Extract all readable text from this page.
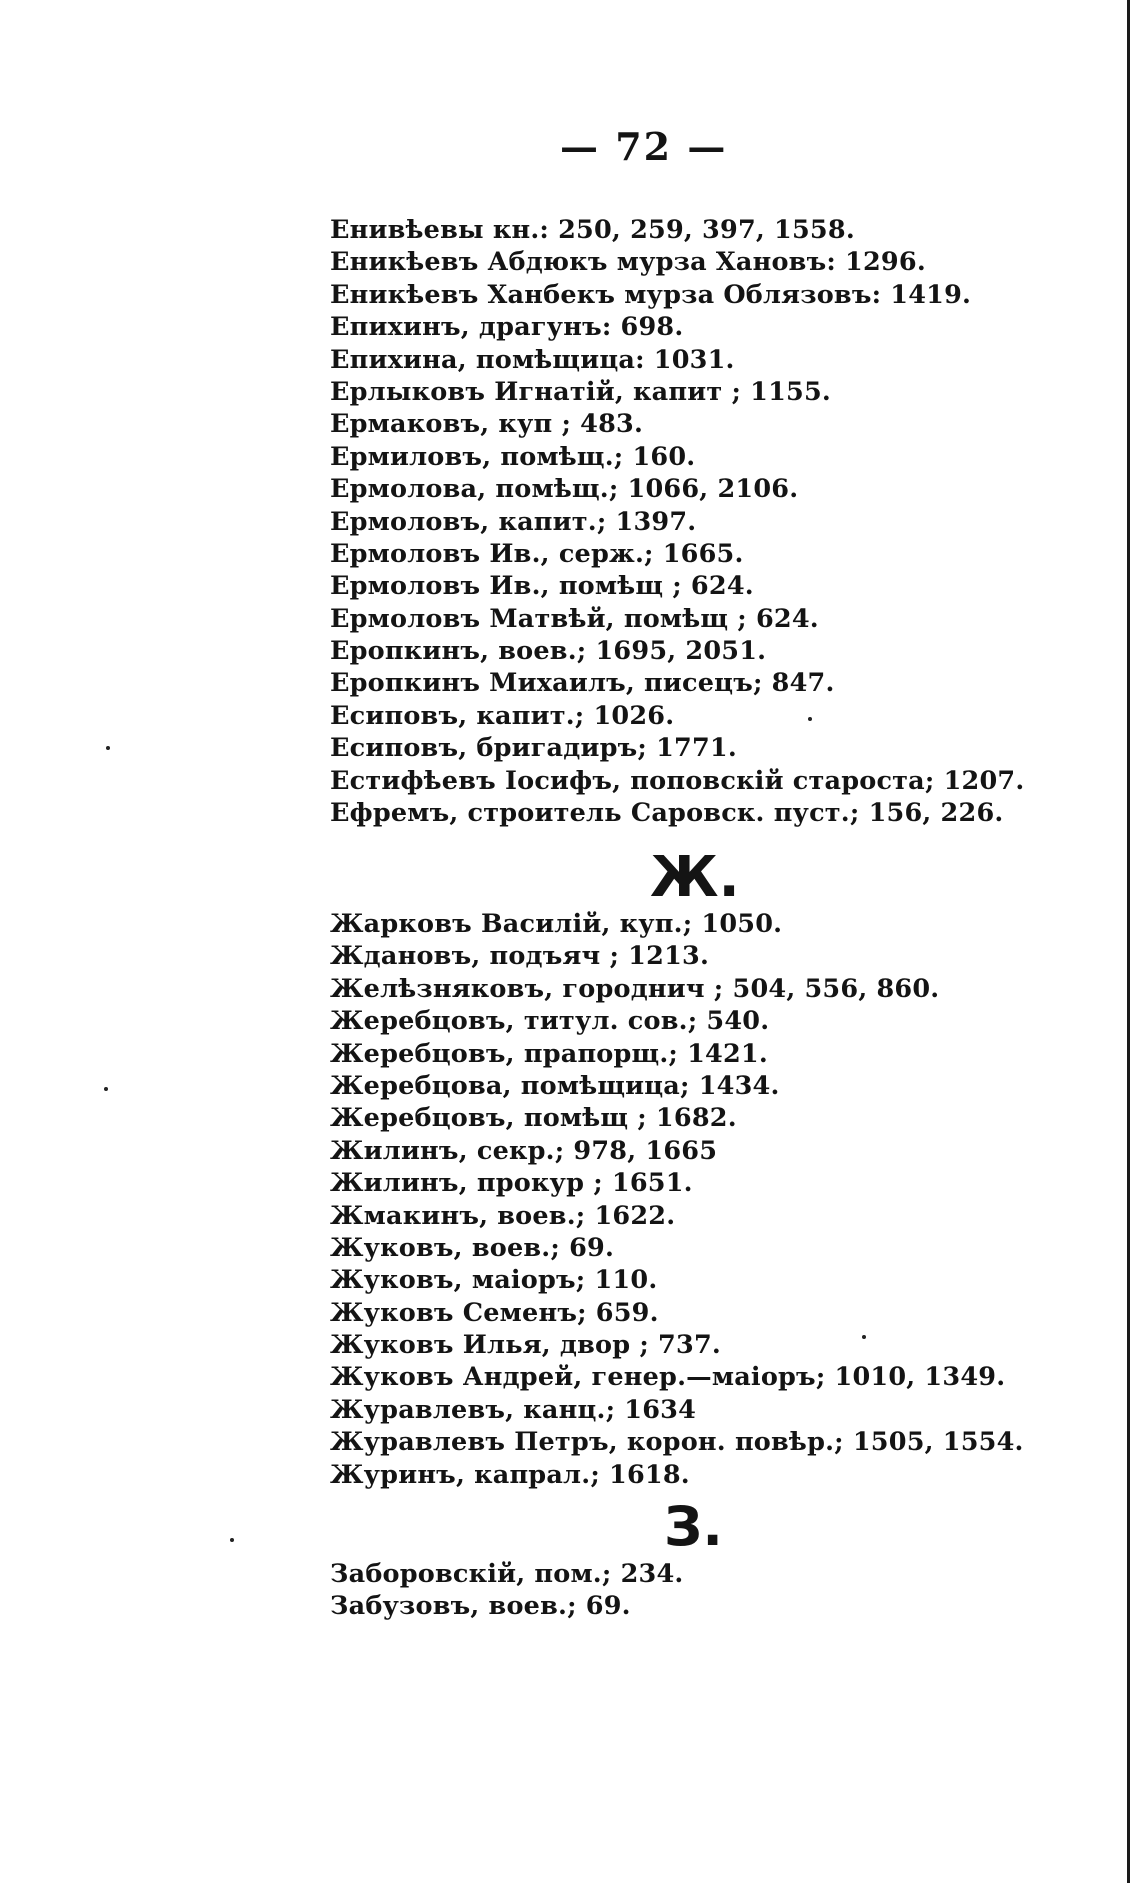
— 72 —
Енивѣевы кн.: 250, 259, 397, 1558.
Еникѣевъ Абдюкъ мурза Хановъ: 1296.
Еникѣевъ Ханбекъ мурза Облязовъ: 1419.
Епихинъ, драгунъ: 698.
Епихина, помѣщица: 1031.
Ерлыковъ Игнатій, капит ; 1155.
Ермаковъ, куп ; 483.
Ермиловъ, помѣщ.; 160.
Ермолова, помѣщ.; 1066, 2106.
Ермоловъ, капит.; 1397.
Ермоловъ Ив., серж.; 1665.
Ермоловъ Ив., помѣщ ; 624.
Ермоловъ Матвѣй, помѣщ ; 624.
Еропкинъ, воев.; 1695, 2051.
Еропкинъ Михаилъ, писецъ; 847.
Есиповъ, капит.; 1026.
Есиповъ, бригадиръ; 1771.
Естифѣевъ Іосифъ, поповскій староста; 1207.
Ефремъ, строитель Саровск. пуст.; 156, 226.
Ж.
Жарковъ Василій, куп.; 1050.
Ждановъ, подъяч ; 1213.
Желѣзняковъ, городнич ; 504, 556, 860.
Жеребцовъ, титул. сов.; 540.
Жеребцовъ, прапорщ.; 1421.
Жеребцова, помѣщица; 1434.
Жеребцовъ, помѣщ ; 1682.
Жилинъ, секр.; 978, 1665
Жилинъ, прокур ; 1651.
Жмакинъ, воев.; 1622.
Жуковъ, воев.; 69.
Жуковъ, маіоръ; 110.
Жуковъ Семенъ; 659.
Жуковъ Илья, двор ; 737.
Жуковъ Андрей, генер.—маіоръ; 1010, 1349.
Журавлевъ, канц.; 1634
Журавлевъ Петръ, корон. повѣр.; 1505, 1554.
Журинъ, капрал.; 1618.
З.
Заборовскій, пом.; 234.
Забузовъ, воев.; 69.
